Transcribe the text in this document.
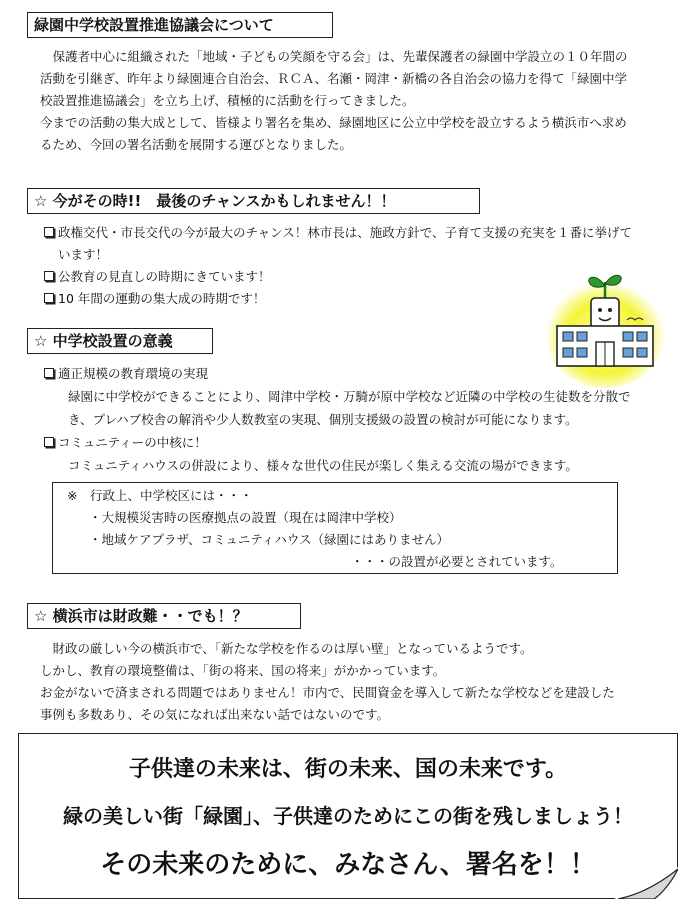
緑園中学校設置推進協議会について
　保護者中心に組織された「地域・子どもの笑顔を守る会」は、先輩保護者の緑園中学設立の１０年間の
活動を引継ぎ、昨年より緑園連合自治会、ＲＣＡ、名瀬・岡津・新橋の各自治会の協力を得て「緑園中学
校設置推進協議会」を立ち上げ、積極的に活動を行ってきました。
今までの活動の集大成として、皆様より署名を集め、緑園地区に公立中学校を設立するよう横浜市へ求め
るため、今回の署名活動を展開する運びとなりました。
☆ 今がその時!!　最後のチャンスかもしれません！！
政権交代・市長交代の今が最大のチャンス！林市長は、施政方針で、子育て支援の充実を１番に挙げて
います！
公教育の見直しの時期にきています！
10 年間の運動の集大成の時期です！
☆ 中学校設置の意義
適正規模の教育環境の実現
緑園に中学校ができることにより、岡津中学校・万騎が原中学校など近隣の中学校の生徒数を分散で
き、プレハブ校舎の解消や少人数教室の実現、個別支援級の設置の検討が可能になります。
コミュニティーの中核に！
コミュニティハウスの併設により、様々な世代の住民が楽しく集える交流の場ができます。
※　行政上、中学校区には・・・
・大規模災害時の医療拠点の設置（現在は岡津中学校）
・地域ケアプラザ、コミュニティハウス（緑園にはありません）
・・・の設置が必要とされています。
☆ 横浜市は財政難・・でも！？
　財政の厳しい今の横浜市で、「新たな学校を作るのは厚い壁」となっているようです。
しかし、教育の環境整備は、「街の将来、国の将来」がかかっています。
お金がないで済まされる問題ではありません！市内で、民間資金を導入して新たな学校などを建設した
事例も多数あり、その気になれば出来ない話ではないのです。
子供達の未来は、街の未来、国の未来です。
緑の美しい街「緑園」、子供達のためにこの街を残しましょう！
その未来のために、みなさん、署名を！！
